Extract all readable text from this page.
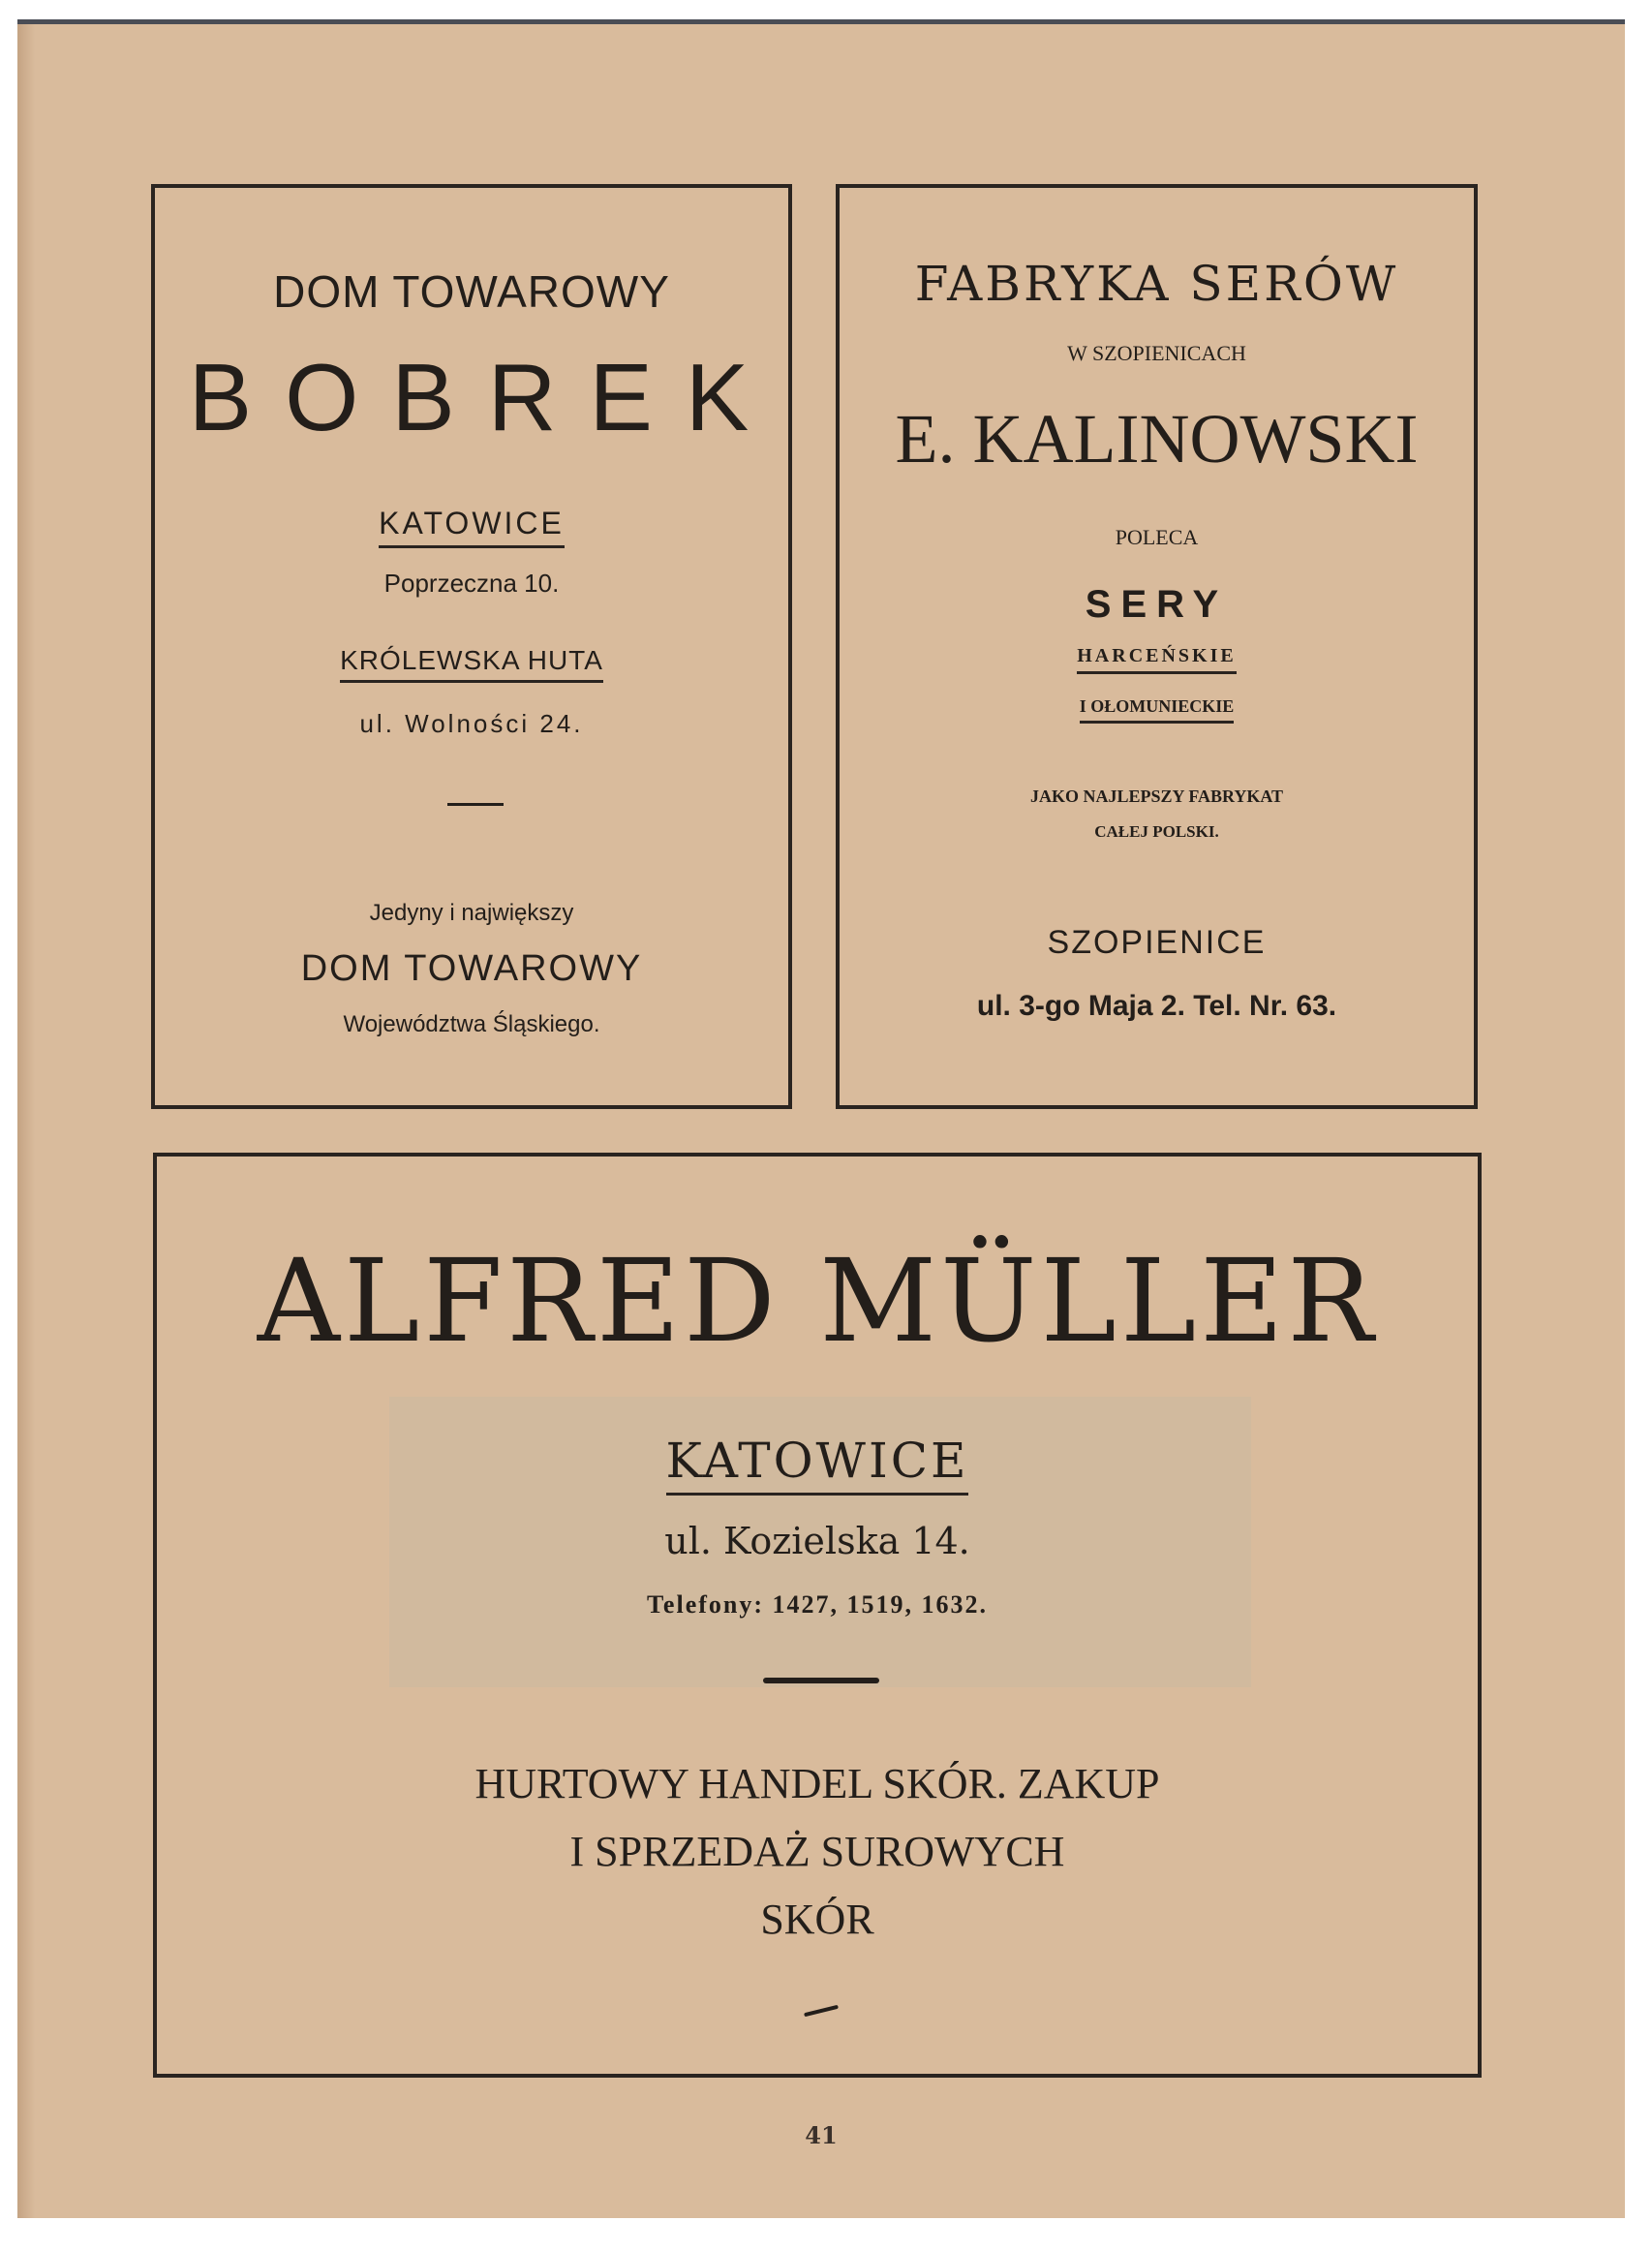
DOM TOWAROWY
BOBREK
KATOWICE
Poprzeczna 10.
KRÓLEWSKA HUTA
ul. Wolności 24.
Jedyny i największy
DOM TOWAROWY
Województwa Śląskiego.
FABRYKA SERÓW
W SZOPIENICACH
E. KALINOWSKI
POLECA
SERY
HARCEŃSKIE
I OŁOMUNIECKIE
JAKO NAJLEPSZY FABRYKAT
CAŁEJ POLSKI.
SZOPIENICE
ul. 3-go Maja 2. Tel. Nr. 63.
ALFRED MÜLLER
KATOWICE
ul. Kozielska 14.
Telefony: 1427, 1519, 1632.
HURTOWY HANDEL SKÓR. ZAKUP
I SPRZEDAŻ SUROWYCH
SKÓR
41
